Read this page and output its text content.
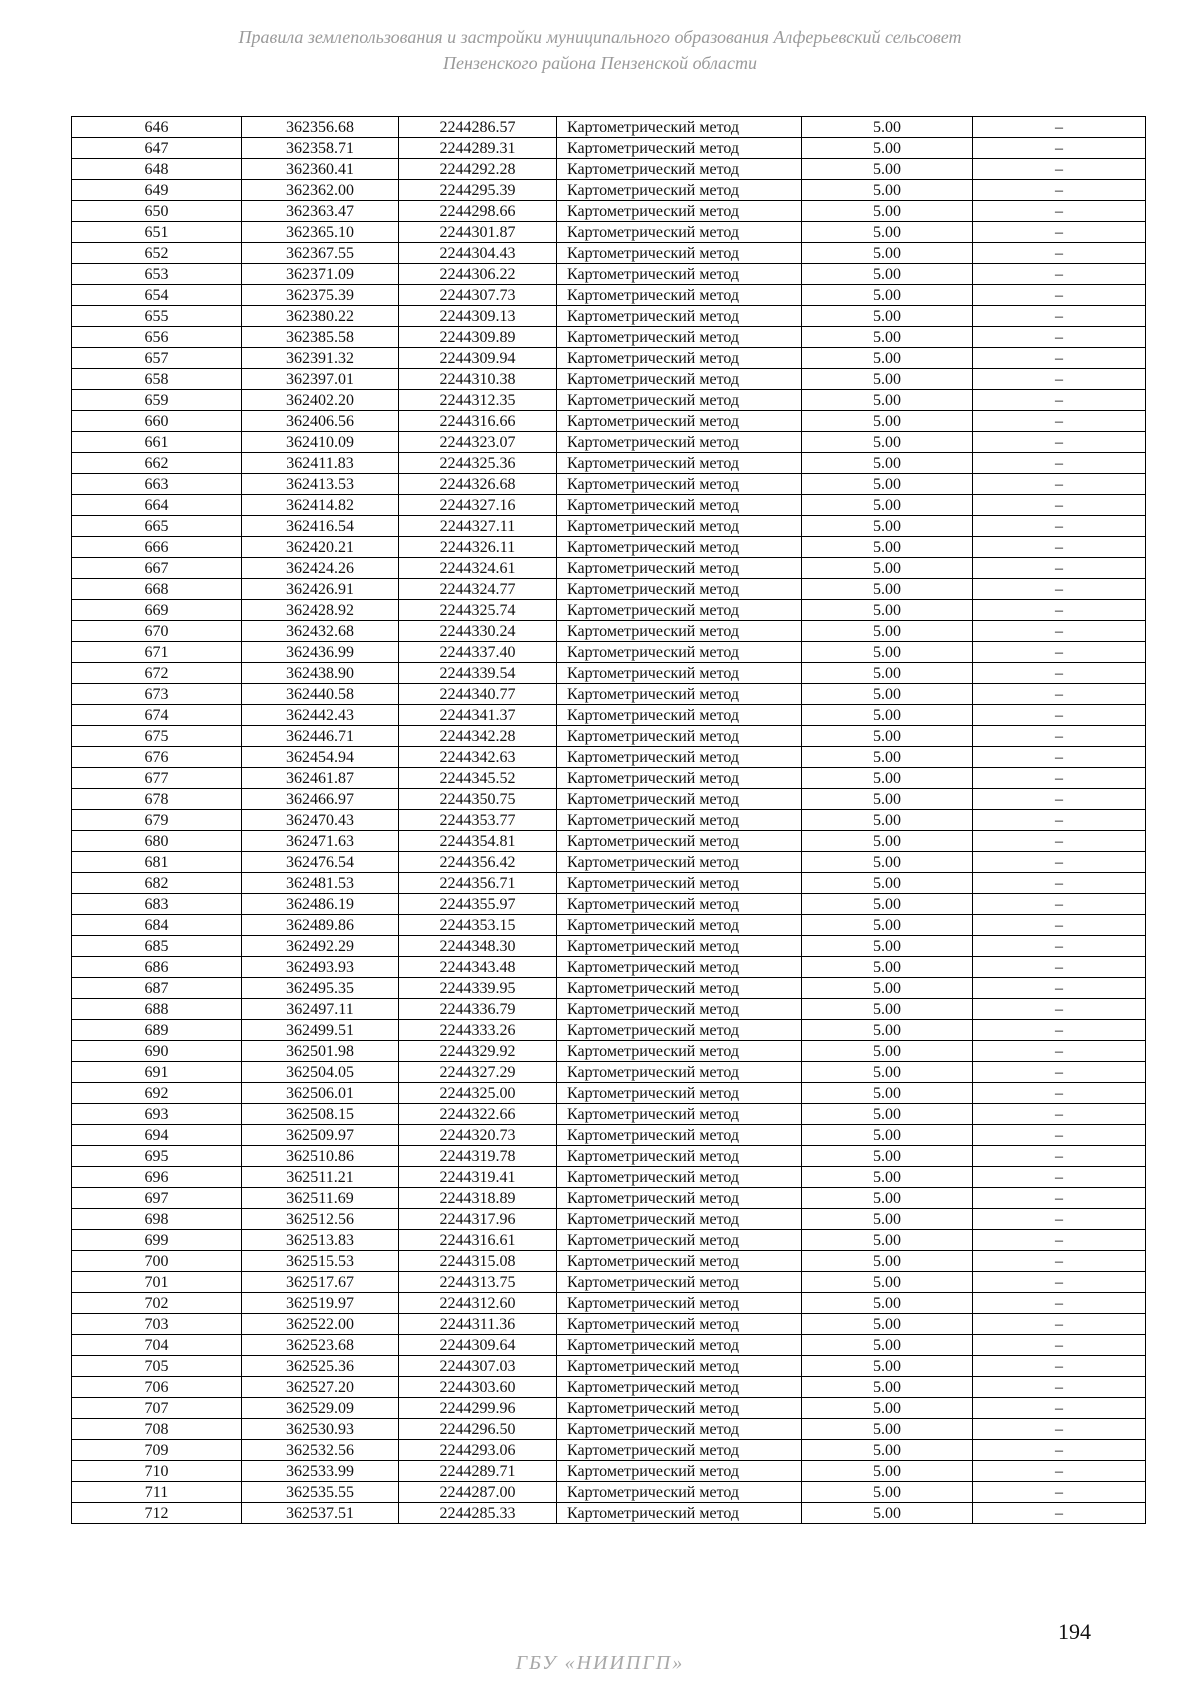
Правила землепользования и застройки муниципального образования Алферьевский сельсовет
Пензенского района Пензенской области
646	362356.68	2244286.57	Картометрический метод	5.00	–
647	362358.71	2244289.31	Картометрический метод	5.00	–
648	362360.41	2244292.28	Картометрический метод	5.00	–
649	362362.00	2244295.39	Картометрический метод	5.00	–
650	362363.47	2244298.66	Картометрический метод	5.00	–
651	362365.10	2244301.87	Картометрический метод	5.00	–
652	362367.55	2244304.43	Картометрический метод	5.00	–
653	362371.09	2244306.22	Картометрический метод	5.00	–
654	362375.39	2244307.73	Картометрический метод	5.00	–
655	362380.22	2244309.13	Картометрический метод	5.00	–
656	362385.58	2244309.89	Картометрический метод	5.00	–
657	362391.32	2244309.94	Картометрический метод	5.00	–
658	362397.01	2244310.38	Картометрический метод	5.00	–
659	362402.20	2244312.35	Картометрический метод	5.00	–
660	362406.56	2244316.66	Картометрический метод	5.00	–
661	362410.09	2244323.07	Картометрический метод	5.00	–
662	362411.83	2244325.36	Картометрический метод	5.00	–
663	362413.53	2244326.68	Картометрический метод	5.00	–
664	362414.82	2244327.16	Картометрический метод	5.00	–
665	362416.54	2244327.11	Картометрический метод	5.00	–
666	362420.21	2244326.11	Картометрический метод	5.00	–
667	362424.26	2244324.61	Картометрический метод	5.00	–
668	362426.91	2244324.77	Картометрический метод	5.00	–
669	362428.92	2244325.74	Картометрический метод	5.00	–
670	362432.68	2244330.24	Картометрический метод	5.00	–
671	362436.99	2244337.40	Картометрический метод	5.00	–
672	362438.90	2244339.54	Картометрический метод	5.00	–
673	362440.58	2244340.77	Картометрический метод	5.00	–
674	362442.43	2244341.37	Картометрический метод	5.00	–
675	362446.71	2244342.28	Картометрический метод	5.00	–
676	362454.94	2244342.63	Картометрический метод	5.00	–
677	362461.87	2244345.52	Картометрический метод	5.00	–
678	362466.97	2244350.75	Картометрический метод	5.00	–
679	362470.43	2244353.77	Картометрический метод	5.00	–
680	362471.63	2244354.81	Картометрический метод	5.00	–
681	362476.54	2244356.42	Картометрический метод	5.00	–
682	362481.53	2244356.71	Картометрический метод	5.00	–
683	362486.19	2244355.97	Картометрический метод	5.00	–
684	362489.86	2244353.15	Картометрический метод	5.00	–
685	362492.29	2244348.30	Картометрический метод	5.00	–
686	362493.93	2244343.48	Картометрический метод	5.00	–
687	362495.35	2244339.95	Картометрический метод	5.00	–
688	362497.11	2244336.79	Картометрический метод	5.00	–
689	362499.51	2244333.26	Картометрический метод	5.00	–
690	362501.98	2244329.92	Картометрический метод	5.00	–
691	362504.05	2244327.29	Картометрический метод	5.00	–
692	362506.01	2244325.00	Картометрический метод	5.00	–
693	362508.15	2244322.66	Картометрический метод	5.00	–
694	362509.97	2244320.73	Картометрический метод	5.00	–
695	362510.86	2244319.78	Картометрический метод	5.00	–
696	362511.21	2244319.41	Картометрический метод	5.00	–
697	362511.69	2244318.89	Картометрический метод	5.00	–
698	362512.56	2244317.96	Картометрический метод	5.00	–
699	362513.83	2244316.61	Картометрический метод	5.00	–
700	362515.53	2244315.08	Картометрический метод	5.00	–
701	362517.67	2244313.75	Картометрический метод	5.00	–
702	362519.97	2244312.60	Картометрический метод	5.00	–
703	362522.00	2244311.36	Картометрический метод	5.00	–
704	362523.68	2244309.64	Картометрический метод	5.00	–
705	362525.36	2244307.03	Картометрический метод	5.00	–
706	362527.20	2244303.60	Картометрический метод	5.00	–
707	362529.09	2244299.96	Картометрический метод	5.00	–
708	362530.93	2244296.50	Картометрический метод	5.00	–
709	362532.56	2244293.06	Картометрический метод	5.00	–
710	362533.99	2244289.71	Картометрический метод	5.00	–
711	362535.55	2244287.00	Картометрический метод	5.00	–
712	362537.51	2244285.33	Картометрический метод	5.00	–
194
ГБУ «НИИПГП»
